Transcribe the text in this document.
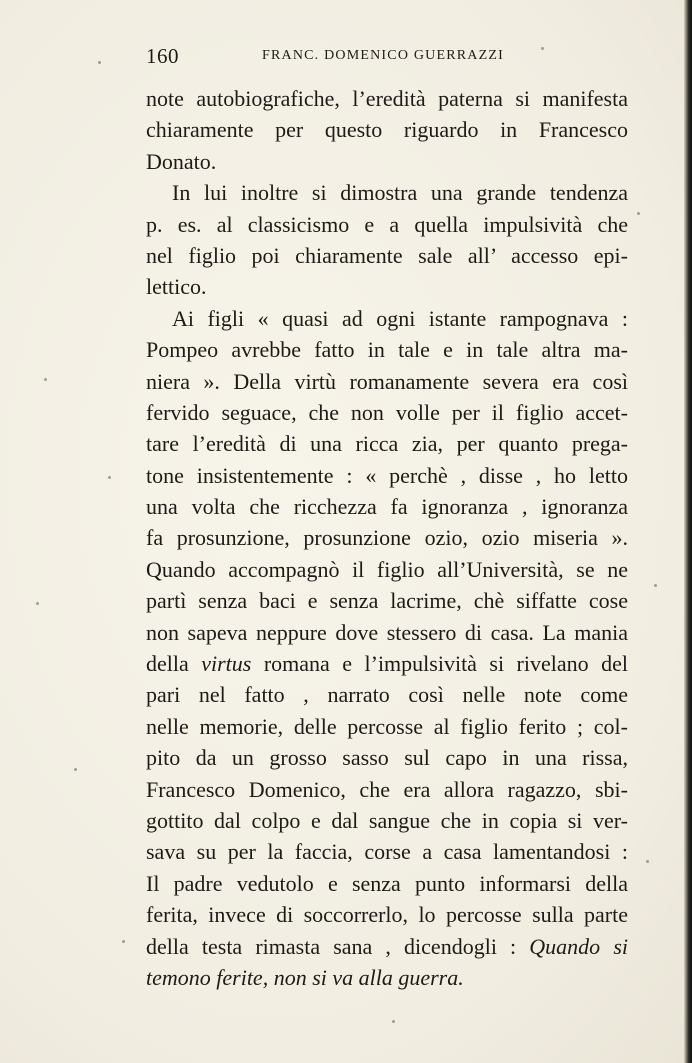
160	FRANC. DOMENICO GUERRAZZI
note autobiografiche, l’eredità paterna si manifesta
chiaramente per questo riguardo in Francesco
Donato.
In lui inoltre si dimostra una grande tendenza
p. es. al classicismo e a quella impulsività che
nel figlio poi chiaramente sale all’ accesso epi-
lettico.
Ai figli « quasi ad ogni istante rampognava :
Pompeo avrebbe fatto in tale e in tale altra ma-
niera ». Della virtù romanamente severa era così
fervido seguace, che non volle per il figlio accet-
tare l’eredità di una ricca zia, per quanto prega-
tone insistentemente : « perchè , disse , ho letto
una volta che ricchezza fa ignoranza , ignoranza
fa prosunzione, prosunzione ozio, ozio miseria ».
Quando accompagnò il figlio all’Università, se ne
partì senza baci e senza lacrime, chè siffatte cose
non sapeva neppure dove stessero di casa. La mania
della virtus romana e l’impulsività si rivelano del
pari nel fatto , narrato così nelle note come
nelle memorie, delle percosse al figlio ferito ; col-
pito da un grosso sasso sul capo in una rissa,
Francesco Domenico, che era allora ragazzo, sbi-
gottito dal colpo e dal sangue che in copia si ver-
sava su per la faccia, corse a casa lamentandosi :
Il padre vedutolo e senza punto informarsi della
ferita, invece di soccorrerlo, lo percosse sulla parte
della testa rimasta sana , dicendogli : Quando si
temono ferite, non si va alla guerra.
